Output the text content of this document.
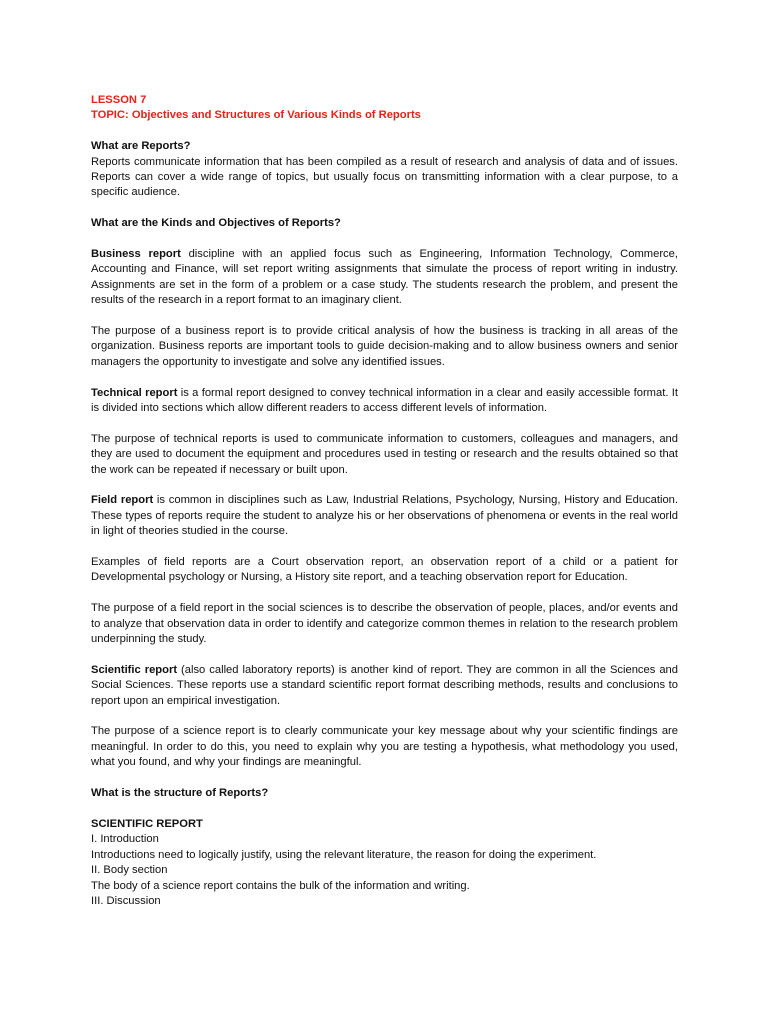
LESSON 7
TOPIC: Objectives and Structures of Various Kinds of Reports
What are Reports?

Reports communicate information that has been compiled as a result of research and analysis of data and of issues. Reports can cover a wide range of topics, but usually focus on transmitting information with a clear purpose, to a specific audience.

What are the Kinds and Objectives of Reports?

Business report discipline with an applied focus such as Engineering, Information Technology, Commerce, Accounting and Finance, will set report writing assignments that simulate the process of report writing in industry. Assignments are set in the form of a problem or a case study. The students research the problem, and present the results of the research in a report format to an imaginary client.

The purpose of a business report is to provide critical analysis of how the business is tracking in all areas of the organization. Business reports are important tools to guide decision-making and to allow business owners and senior managers the opportunity to investigate and solve any identified issues.

Technical report is a formal report designed to convey technical information in a clear and easily accessible format. It is divided into sections which allow different readers to access different levels of information.

The purpose of technical reports is used to communicate information to customers, colleagues and managers, and they are used to document the equipment and procedures used in testing or research and the results obtained so that the work can be repeated if necessary or built upon.

Field report is common in disciplines such as Law, Industrial Relations, Psychology, Nursing, History and Education. These types of reports require the student to analyze his or her observations of phenomena or events in the real world in light of theories studied in the course.

Examples of field reports are a Court observation report, an observation report of a child or a patient for Developmental psychology or Nursing, a History site report, and a teaching observation report for Education.

The purpose of a field report in the social sciences is to describe the observation of people, places, and/or events and to analyze that observation data in order to identify and categorize common themes in relation to the research problem underpinning the study.

Scientific report (also called laboratory reports) is another kind of report. They are common in all the Sciences and Social Sciences. These reports use a standard scientific report format describing methods, results and conclusions to report upon an empirical investigation.

The purpose of a science report is to clearly communicate your key message about why your scientific findings are meaningful. In order to do this, you need to explain why you are testing a hypothesis, what methodology you used, what you found, and why your findings are meaningful.

What is the structure of Reports?
SCIENTIFIC REPORT
I. Introduction
Introductions need to logically justify, using the relevant literature, the reason for doing the experiment.
II. Body section
The body of a science report contains the bulk of the information and writing.
III. Discussion
